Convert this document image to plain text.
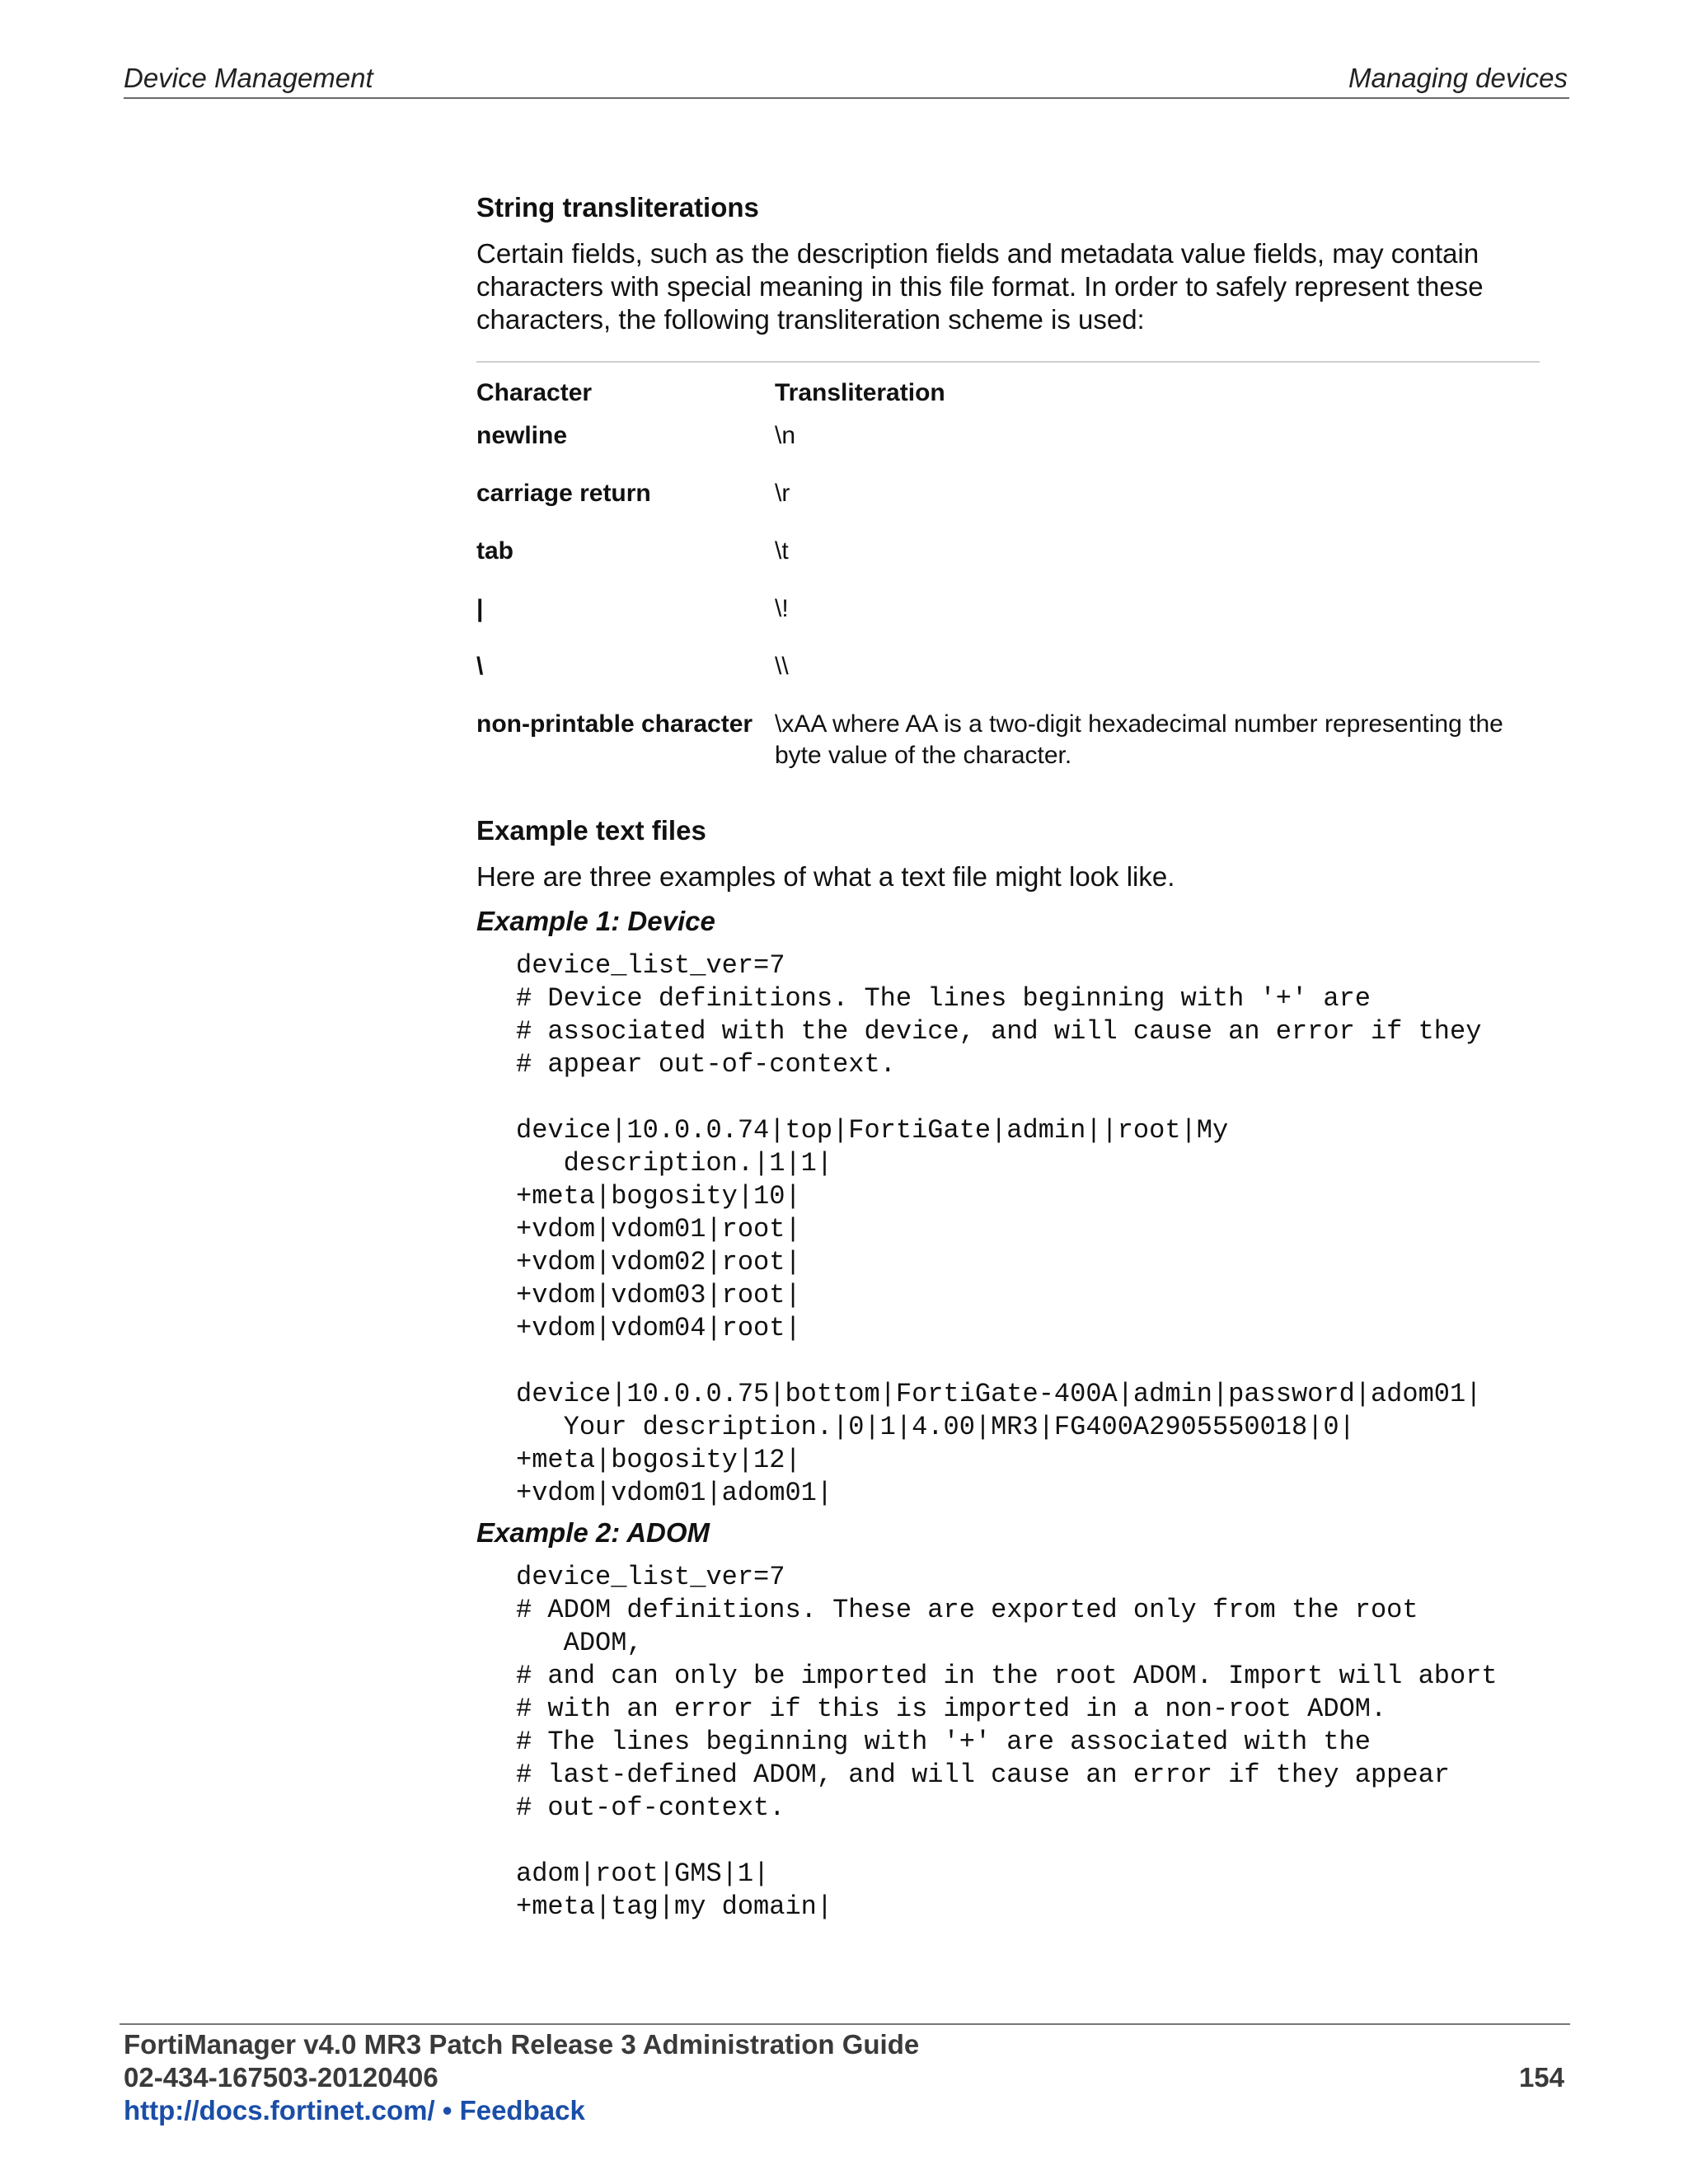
Device Management	Managing devices
String transliterations

Certain fields, such as the description fields and metadata value fields, may contain characters with special meaning in this file format. In order to safely represent these characters, the following transliteration scheme is used:

Character	Transliteration
newline	\n
carriage return	\r
tab	\t
|	\!
\	\\
non-printable character	\xAA where AA is a two-digit hexadecimal number representing the byte value of the character.
Example text files

Here are three examples of what a text file might look like.

Example 1: Device
device_list_ver=7
# Device definitions. The lines beginning with '+' are
# associated with the device, and will cause an error if they
# appear out-of-context.

device|10.0.0.74|top|FortiGate|admin||root|My
description.|1|1|
+meta|bogosity|10|
+vdom|vdom01|root|
+vdom|vdom02|root|
+vdom|vdom03|root|
+vdom|vdom04|root|

device|10.0.0.75|bottom|FortiGate-400A|admin|password|adom01|
Your description.|0|1|4.00|MR3|FG400A2905550018|0|
+meta|bogosity|12|
+vdom|vdom01|adom01|
Example 2: ADOM
device_list_ver=7
# ADOM definitions. These are exported only from the root
ADOM,
# and can only be imported in the root ADOM. Import will abort
# with an error if this is imported in a non-root ADOM.
# The lines beginning with '+' are associated with the
# last-defined ADOM, and will cause an error if they appear
# out-of-context.

adom|root|GMS|1|
+meta|tag|my domain|
FortiManager v4.0 MR3 Patch Release 3 Administration Guide
02-434-167503-20120406	154
http://docs.fortinet.com/ • Feedback
